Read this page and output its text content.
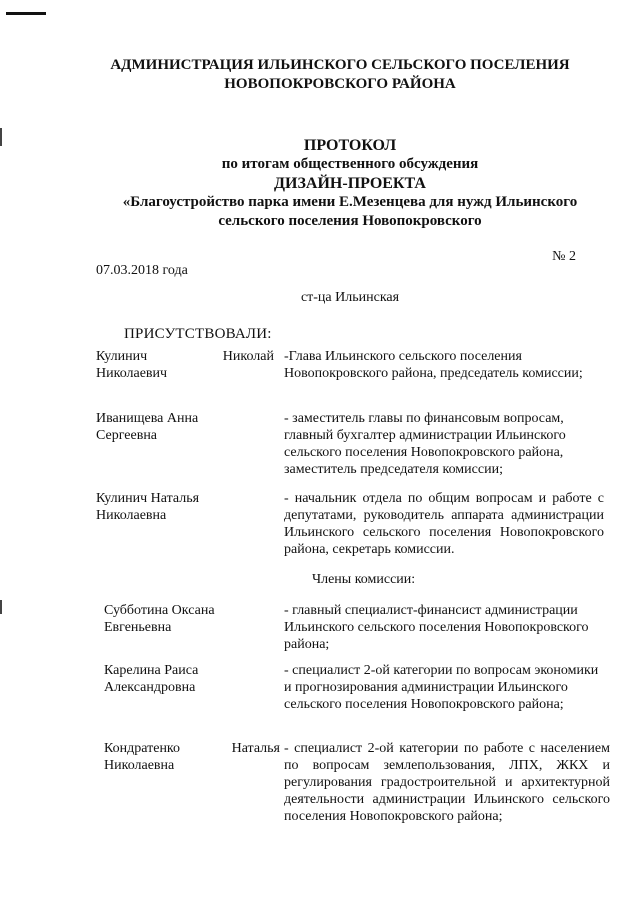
АДМИНИСТРАЦИЯ ИЛЬИНСКОГО СЕЛЬСКОГО ПОСЕЛЕНИЯ
НОВОПОКРОВСКОГО РАЙОНА
ПРОТОКОЛ
по итогам общественного обсуждения
ДИЗАЙН-ПРОЕКТА
«Благоустройство парка имени Е.Мезенцева для нужд Ильинского
сельского поселения Новопокровского
№ 2
07.03.2018 года
ст-ца Ильинская
ПРИСУТСТВОВАЛИ:
Кулинич	Николай
Николаевич
-Глава Ильинского сельского поселения Новопокровского района, председатель комиссии;
Иванищева Анна Сергеевна
- заместитель главы по финансовым вопросам, главный бухгалтер администрации Ильинского сельского поселения Новопокровского района, заместитель председателя комиссии;
Кулинич Наталья Николаевна
- начальник отдела по общим вопросам и работе с депутатами, руководитель аппарата администрации Ильинского сельского поселения Новопокровского района, секретарь комиссии.
Члены комиссии:
Субботина Оксана Евгеньевна
- главный специалист-финансист администрации Ильинского сельского поселения Новопокровского района;
Карелина Раиса Александровна
- специалист 2-ой категории по вопросам экономики и прогнозирования администрации Ильинского сельского поселения Новопокровского района;
Кондратенко	Наталья
Николаевна
- специалист 2-ой категории по работе с населением по вопросам землепользования, ЛПХ, ЖКХ и регулирования градостроительной и архитектурной деятельности администрации Ильинского сельского поселения Новопокровского района;
